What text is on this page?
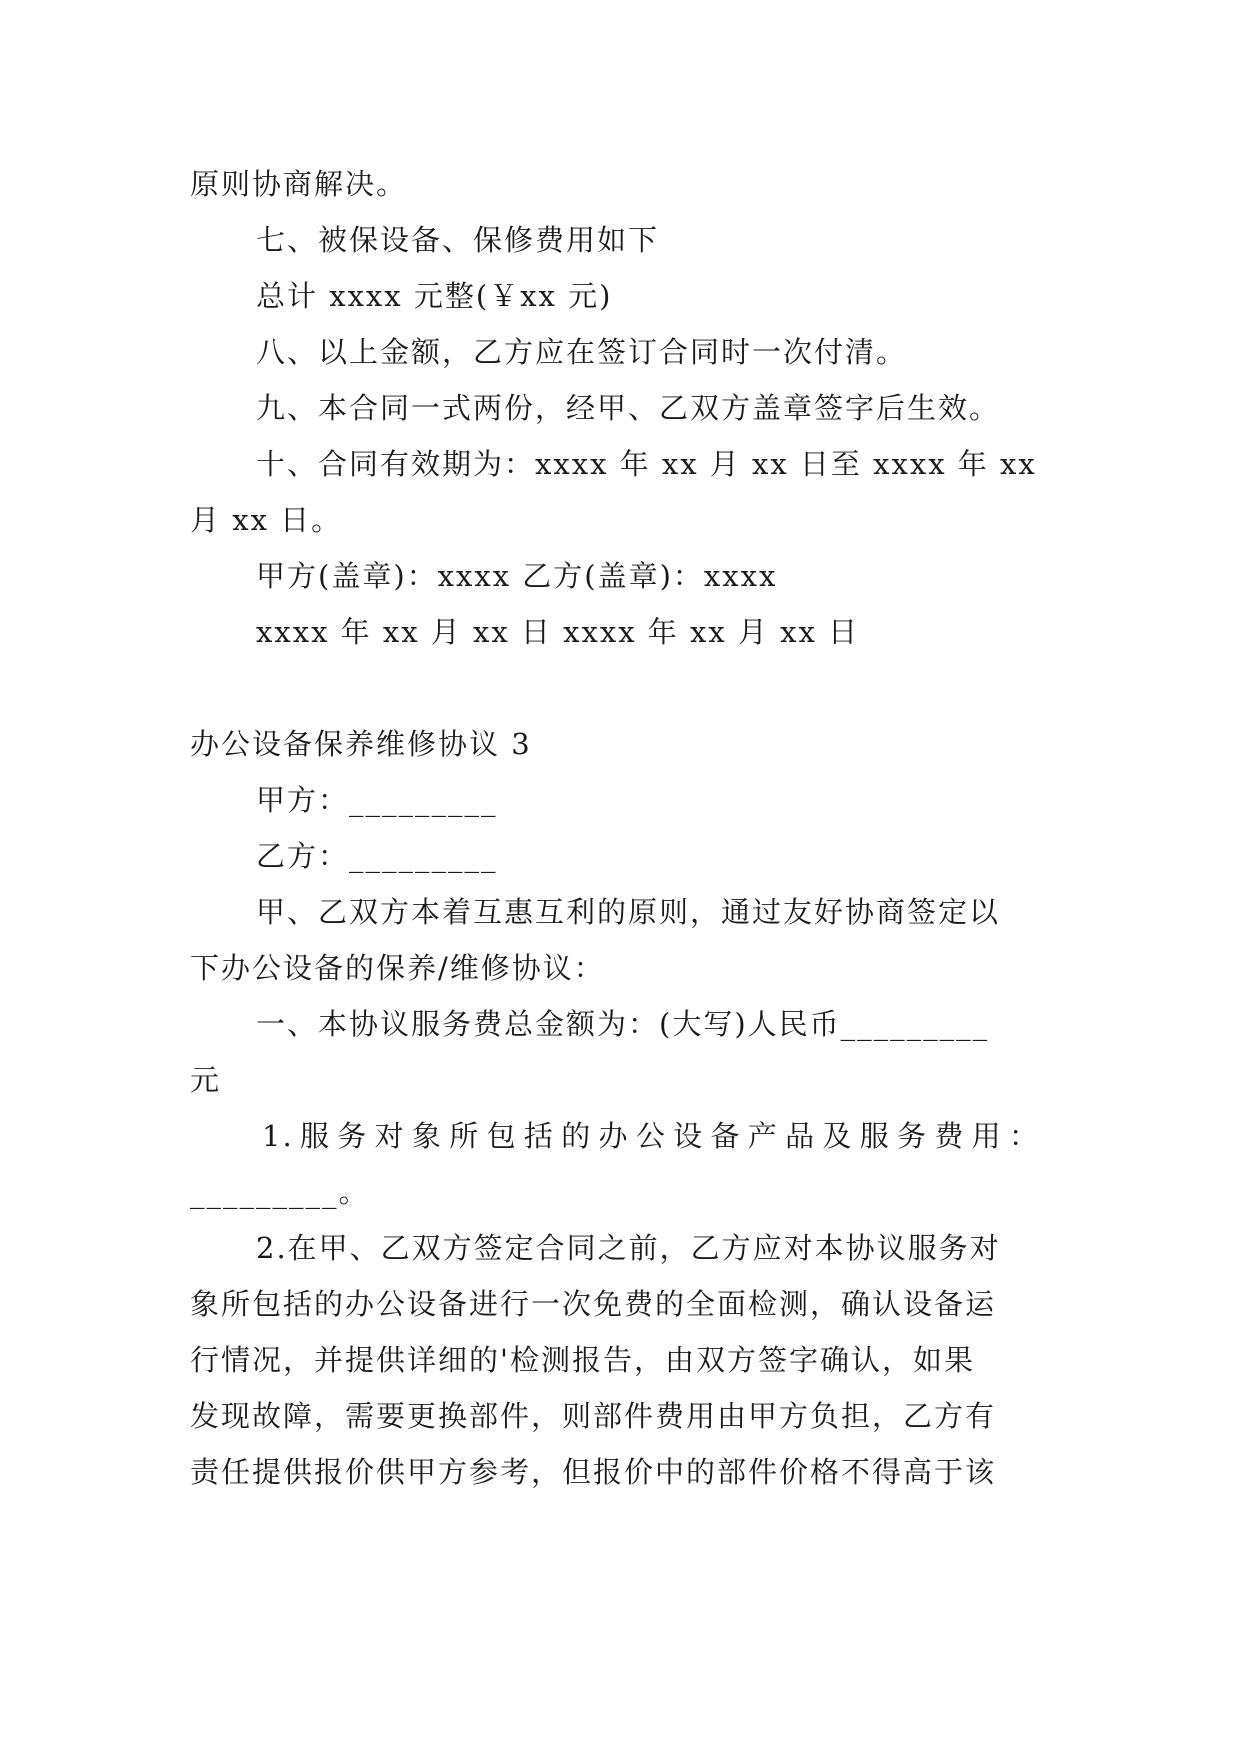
原则协商解决。
七、被保设备、保修费用如下
总计 xxxx 元整(￥xx 元)
八、以上金额，乙方应在签订合同时一次付清。
九、本合同一式两份，经甲、乙双方盖章签字后生效。
十、合同有效期为：xxxx 年 xx 月 xx 日至 xxxx 年 xx
月 xx 日。
甲方(盖章)：xxxx 乙方(盖章)：xxxx
xxxx 年 xx 月 xx 日 xxxx 年 xx 月 xx 日
办公设备保养维修协议 3
甲方：_________
乙方：_________
甲、乙双方本着互惠互利的原则，通过友好协商签定以
下办公设备的保养/维修协议：
一、本协议服务费总金额为：(大写)人民币_________
元
1.服务对象所包括的办公设备产品及服务费用：
_________。
2.在甲、乙双方签定合同之前，乙方应对本协议服务对
象所包括的办公设备进行一次免费的全面检测，确认设备运
行情况，并提供详细的'检测报告，由双方签字确认，如果
发现故障，需要更换部件，则部件费用由甲方负担，乙方有
责任提供报价供甲方参考，但报价中的部件价格不得高于该
